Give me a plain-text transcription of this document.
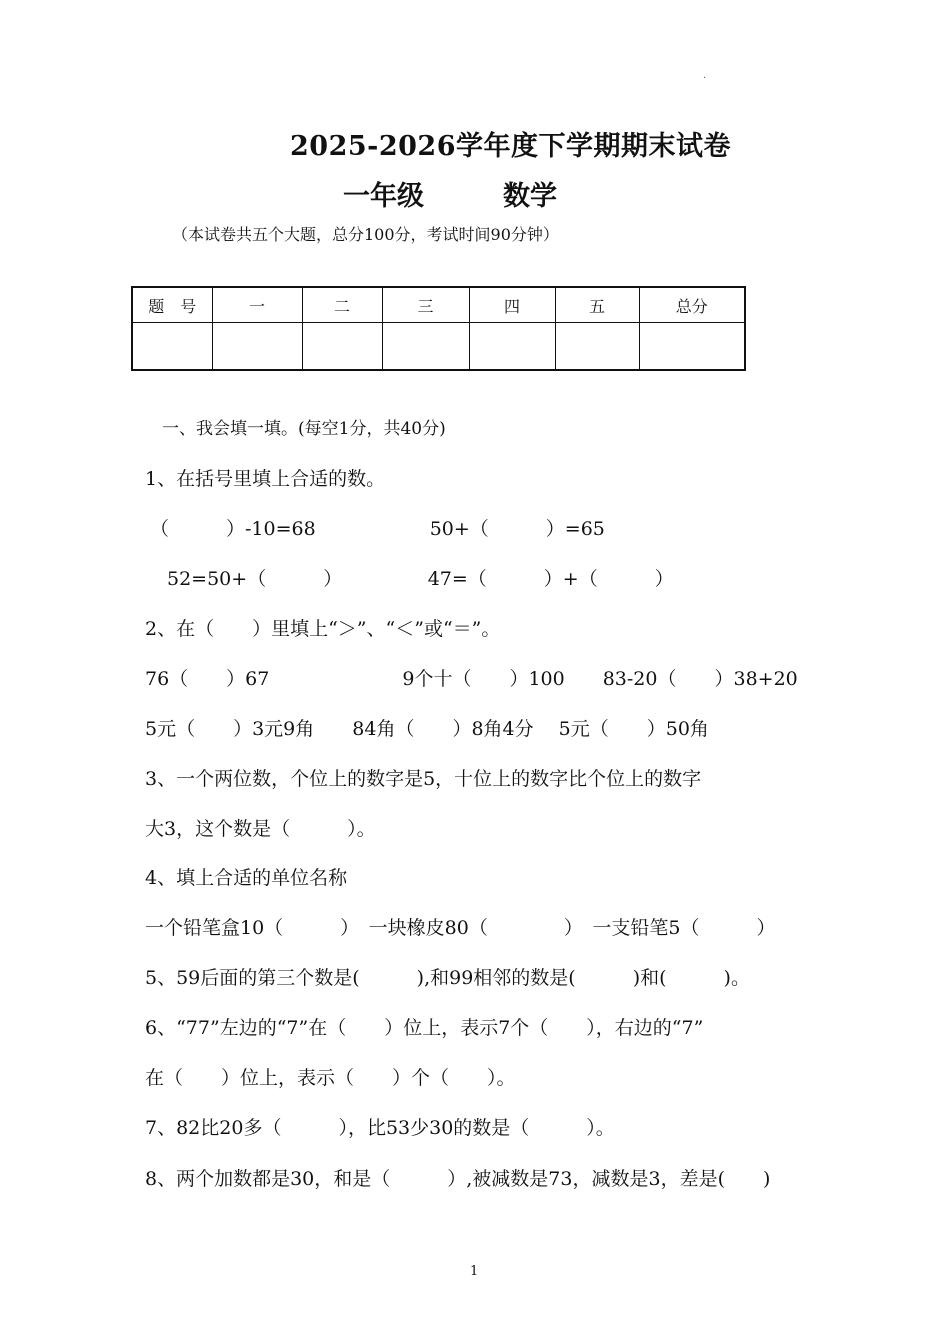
.
2025-2026学年度下学期期末试卷
一年级	数学
（本试卷共五个大题，总分100分，考试时间90分钟）
题　号	一	二	三	四	五	总分

一、我会填一填。(每空1分，共40分)
1、在括号里填上合适的数。
（　　　）-10=68　　　　　　50+（　　　）=65
　52=50+（　　　）　　　　　47=（　　　）+（　　　）
2、在（　　）里填上“＞”、“＜”或“＝”。
76（　　）67　　　　　　　9个十（　　）100　　83-20（　　）38+20
5元（　　）3元9角　　84角（　　）8角4分　 5元（　　）50角
3、一个两位数，个位上的数字是5，十位上的数字比个位上的数字
大3，这个数是（　　　）。
4、填上合适的单位名称
一个铅笔盒10（　　　）　一块橡皮80（　　　　）　一支铅笔5（　　　）
5、59后面的第三个数是(　　　),和99相邻的数是(　　　)和(　　　)。
6、“77”左边的“7”在（　　）位上，表示7个（　　），右边的“7”
在（　　）位上，表示（　　）个（　　）。
7、82比20多（　　　），比53少30的数是（　　　）。
8、两个加数都是30，和是（　　　）,被减数是73，减数是3，差是(　　)
1
